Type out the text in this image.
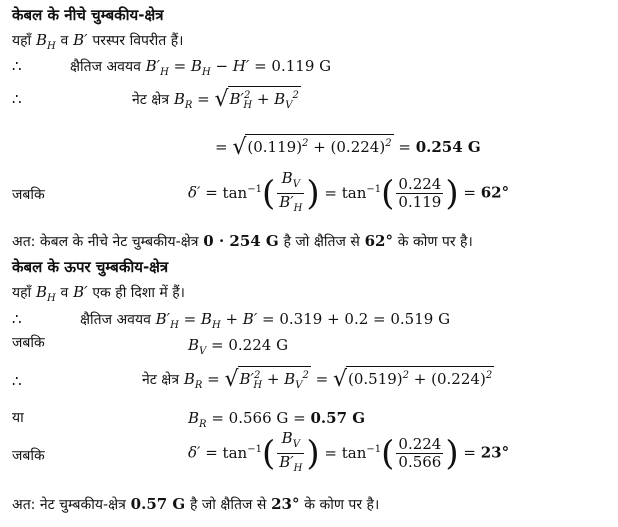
केबल के नीचे चुम्बकीय-क्षेत्र
यहाँ $B_H$ व B′ परस्पर विपरीत हैं।
∴	क्षैतिज अवयव $B'_H = B_H - H' = 0.119$ G
∴	नेट क्षेत्र $B_R = √B'^2_H + B_V^2$
= $√(0.119)^2 + (0.224)^2 = 0.254$ G
जबकि	$\delta' = \tan^{-1}( \frac{B_V}{B'_H}$ ) = $\tan^{-1}( \frac{0.224}{0.119}$ ) = 62°
अत: केबल के नीचे नेट चुम्बकीय-क्षेत्र 0 · 254 G है जो क्षैतिज से 62° के कोण पर है।
केबल के ऊपर चुम्बकीय-क्षेत्र
यहाँ $B_H$ व B′ एक ही दिशा में हैं।
∴	क्षैतिज अवयव $B'_H = B_H + B' = 0.319 + 0.2 = 0.519$ G
जबकि	$B_V = 0.224$ G
∴	नेट क्षेत्र $B_R = √B'^2_H + B_V^2 = √(0.519)^2 + (0.224)^2$
या	$B_R = 0.566$ G = 0.57 G
जबकि	$\delta' = \tan^{-1}( \frac{B_V}{B'_H}$ ) = $\tan^{-1}( \frac{0.224}{0.566}$ ) = 23°
अत: नेट चुम्बकीय-क्षेत्र 0.57 G है जो क्षैतिज से 23° के कोण पर है।
